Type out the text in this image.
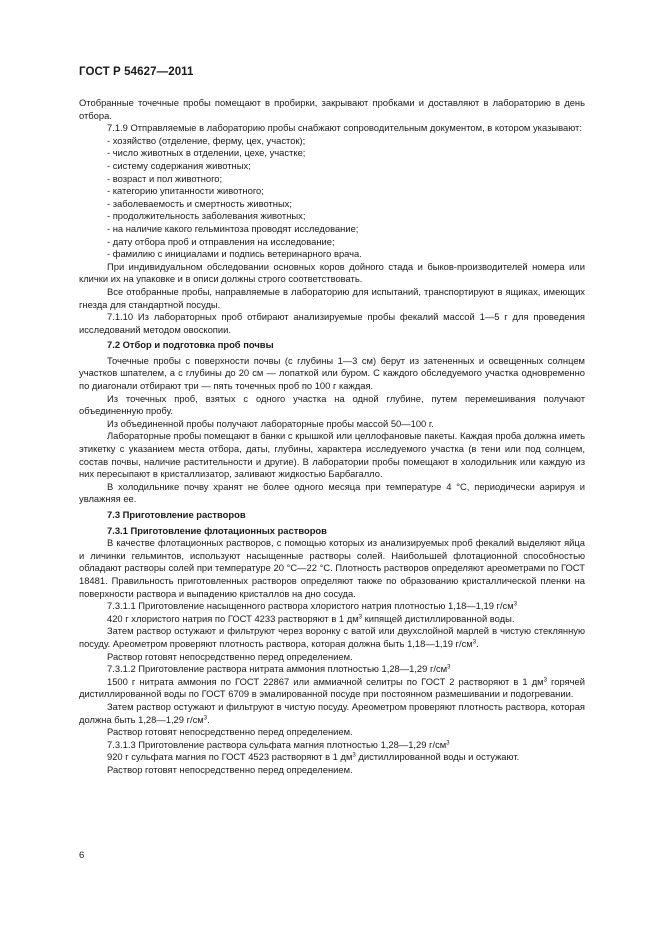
ГОСТ Р 54627—2011

Отобранные точечные пробы помещают в пробирки, закрывают пробками и доставляют в лабораторию в день отбора.

7.1.9 Отправляемые в лабораторию пробы снабжают сопроводительным документом, в котором указывают:

- хозяйство (отделение, ферму, цех, участок);

- число животных в отделении, цехе, участке;

- систему содержания животных;

- возраст и пол животного;

- категорию упитанности животного;

- заболеваемость и смертность животных;

- продолжительность заболевания животных;

- на наличие какого гельминтоза проводят исследование;

- дату отбора проб и отправления на исследование;

- фамилию с инициалами и подпись ветеринарного врача.

При индивидуальном обследовании основных коров дойного стада и быков-производителей номера или клички их на упаковке и в описи должны строго соответствовать.

Все отобранные пробы, направляемые в лабораторию для испытаний, транспортируют в ящиках, имеющих гнезда для стандартной посуды.

7.1.10 Из лабораторных проб отбирают анализируемые пробы фекалий массой 1—5 г для проведения исследований методом овоскопии.

7.2 Отбор и подготовка проб почвы

Точечные пробы с поверхности почвы (с глубины 1—3 см) берут из затененных и освещенных солнцем участков шпателем, а с глубины до 20 см — лопаткой или буром. С каждого обследуемого участка одновременно по диагонали отбирают три — пять точечных проб по 100 г каждая.

Из точечных проб, взятых с одного участка на одной глубине, путем перемешивания получают объединенную пробу.

Из объединенной пробы получают лабораторные пробы массой 50—100 г.

Лабораторные пробы помещают в банки с крышкой или целлофановые пакеты. Каждая проба должна иметь этикетку с указанием места отбора, даты, глубины, характера исследуемого участка (в тени или под солнцем, состав почвы, наличие растительности и другие). В лаборатории пробы помещают в холодильник или каждую из них пересыпают в кристаллизатор, заливают жидкостью Барбагалло.

В холодильнике почву хранят не более одного месяца при температуре 4 °С, периодически аэрируя и увлажняя ее.

7.3 Приготовление растворов

7.3.1 Приготовление флотационных растворов

В качестве флотационных растворов, с помощью которых из анализируемых проб фекалий выделяют яйца и личинки гельминтов, используют насыщенные растворы солей. Наибольшей флотационной способностью обладают растворы солей при температуре 20 °С—22 °С. Плотность растворов определяют ареометрами по ГОСТ 18481. Правильность приготовленных растворов определяют также по образованию кристаллической пленки на поверхности раствора и выпадению кристаллов на дно сосуда.

7.3.1.1 Приготовление насыщенного раствора хлористого натрия плотностью 1,18—1,19 $г/см^3$

420 г хлористого натрия по ГОСТ 4233 растворяют в 1 $дм^3$ кипящей дистиллированной воды.

Затем раствор остужают и фильтруют через воронку с ватой или двухслойной марлей в чистую стеклянную посуду. Ареометром проверяют плотность раствора, которая должна быть 1,18—1,19 $г/см^3$.

Раствор готовят непосредственно перед определением.

7.3.1.2 Приготовление раствора нитрата аммония плотностью 1,28—1,29 $г/см^3$

1500 г нитрата аммония по ГОСТ 22867 или аммиачной селитры по ГОСТ 2 растворяют в 1 $дм^3$ горячей дистиллированной воды по ГОСТ 6709 в эмалированной посуде при постоянном размешивании и подогревании.

Затем раствор остужают и фильтруют в чистую посуду. Ареометром проверяют плотность раствора, которая должна быть 1,28—1,29 $г/см^3$.

Раствор готовят непосредственно перед определением.

7.3.1.3 Приготовление раствора сульфата магния плотностью 1,28—1,29 $г/см^3$

920 г сульфата магния по ГОСТ 4523 растворяют в 1 $дм^3$ дистиллированной воды и остужают.

Раствор готовят непосредственно перед определением.

6
